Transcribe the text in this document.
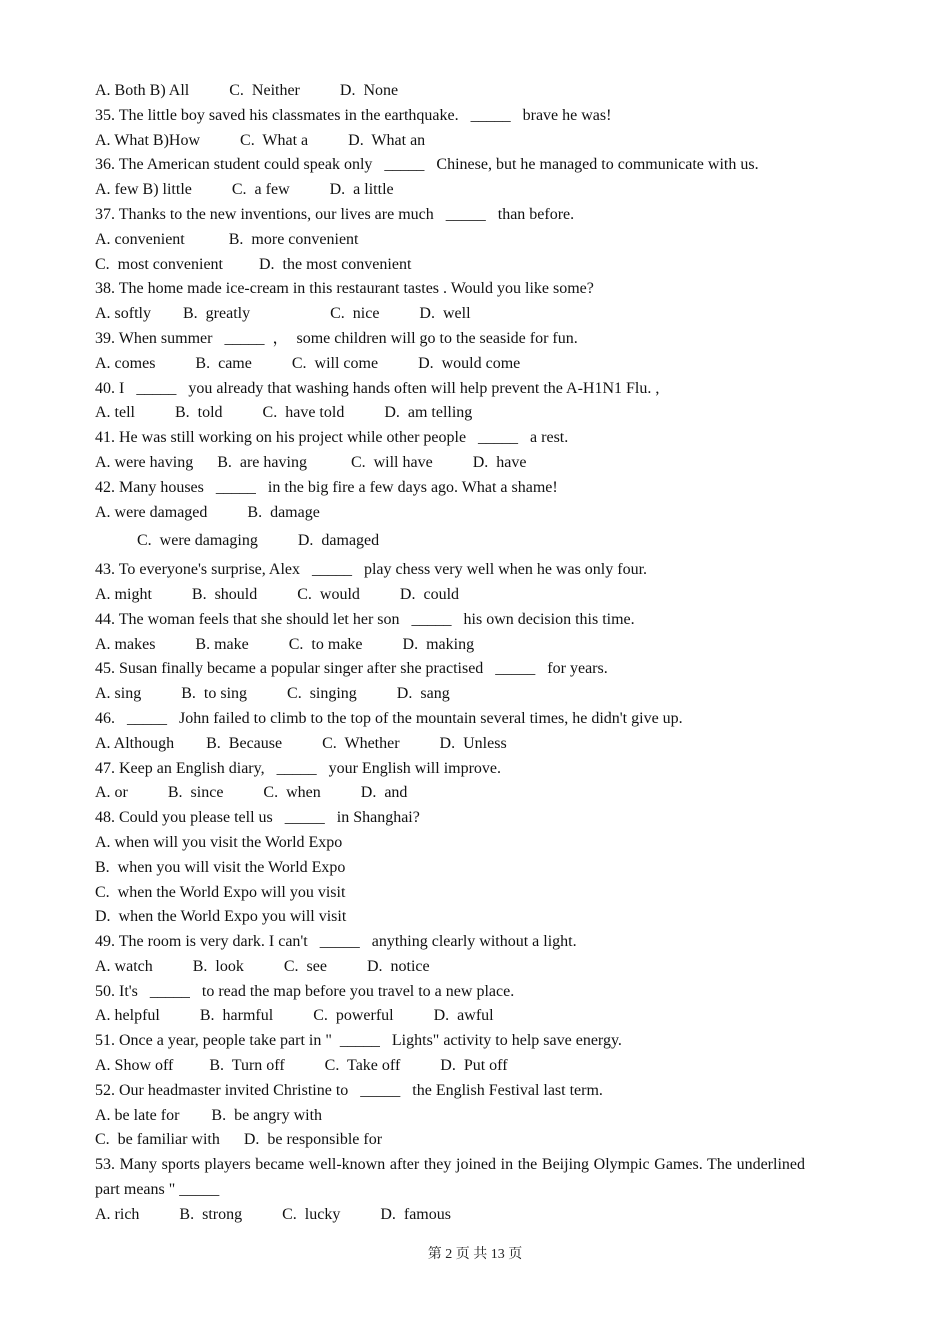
A. Both B) All          C.  Neither          D.  None
35. The little boy saved his classmates in the earthquake.   _____   brave he was!
A. What B)How          C.  What a          D.  What an
36. The American student could speak only   _____   Chinese, but he managed to communicate with us.
A. few B) little          C.  a few          D.  a little
37. Thanks to the new inventions, our lives are much   _____   than before.
A. convenient           B.  more convenient
C.  most convenient         D.  the most convenient
38. The home made ice-cream in this restaurant tastes . Would you like some?
A. softly        B.  greatly                    C.  nice          D.  well
39. When summer   _____  ，  some children will go to the seaside for fun.
A. comes          B.  came          C.  will come          D.  would come
40. I   _____   you already that washing hands often will help prevent the A-H1N1 Flu. ,
A. tell          B.  told          C.  have told          D.  am telling
41. He was still working on his project while other people   _____   a rest.
A. were having      B.  are having           C.  will have          D.  have
42. Many houses   _____   in the big fire a few days ago. What a shame!
A. were damaged          B.  damage
C.  were damaging          D.  damaged
43. To everyone's surprise, Alex   _____   play chess very well when he was only four.
A. might          B.  should          C.  would          D.  could
44. The woman feels that she should let her son   _____   his own decision this time.
A. makes          B. make          C.  to make          D.  making
45. Susan finally became a popular singer after she practised   _____   for years.
A. sing          B.  to sing          C.  singing          D.  sang
46.   _____   John failed to climb to the top of the mountain several times, he didn't give up.
A. Although        B.  Because          C.  Whether          D.  Unless
47. Keep an English diary,   _____   your English will improve.
A. or          B.  since          C.  when          D.  and
48. Could you please tell us   _____   in Shanghai?
A. when will you visit the World Expo
B.  when you will visit the World Expo
C.  when the World Expo will you visit
D.  when the World Expo you will visit
49. The room is very dark. I can't   _____   anything clearly without a light.
A. watch          B.  look          C.  see          D.  notice
50. It's   _____   to read the map before you travel to a new place.
A. helpful          B.  harmful          C.  powerful          D.  awful
51. Once a year, people take part in "  _____   Lights" activity to help save energy.
A. Show off         B.  Turn off          C.  Take off          D.  Put off
52. Our headmaster invited Christine to   _____   the English Festival last term.
A. be late for        B.  be angry with
C.  be familiar with      D.  be responsible for
53. Many sports players became well-known after they joined in the Beijing Olympic Games. The underlined part means " _____
A. rich          B.  strong          C.  lucky          D.  famous
第 2 页 共 13 页
